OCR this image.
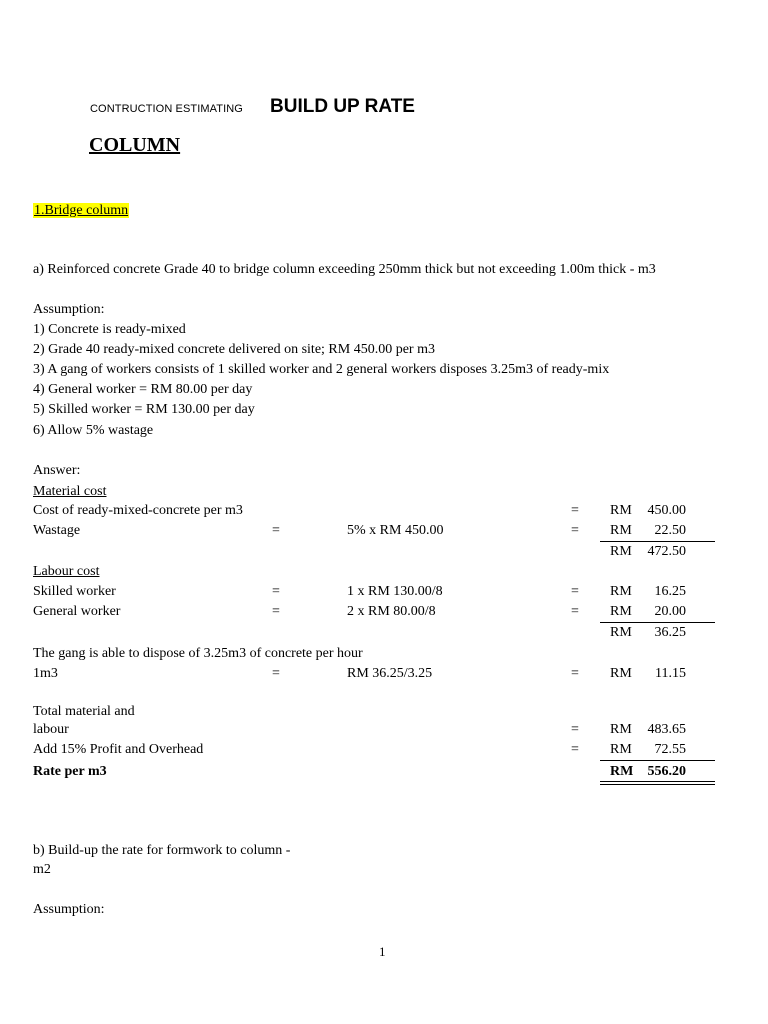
CONTRUCTION ESTIMATING BUILD UP RATE
COLUMN
1.Bridge column
a) Reinforced concrete Grade 40 to bridge column exceeding 250mm thick but not exceeding 1.00m thick - m3
Assumption:
1) Concrete is ready-mixed
2) Grade 40 ready-mixed concrete delivered on site; RM 450.00 per m3
3) A gang of workers consists of 1 skilled worker and 2 general workers disposes 3.25m3 of ready-mix
4) General worker = RM 80.00 per day
5) Skilled worker = RM 130.00 per day
6) Allow 5% wastage
Answer:
Material cost
Cost of ready-mixed-concrete per m3	= RM 450.00
Wastage	=	5% x RM 450.00	= RM 22.50
RM 472.50
Labour cost
Skilled worker	=	1 x RM 130.00/8	= RM 16.25
General worker	=	2 x RM 80.00/8	= RM 20.00
RM 36.25
The gang is able to dispose of 3.25m3 of concrete per hour
1m3	=	RM 36.25/3.25	= RM 11.15
Total material and
labour	= RM 483.65
Add 15% Profit and Overhead	= RM 72.55
Rate per m3	RM 556.20
b) Build-up the rate for formwork to column -
m2
Assumption:
1
